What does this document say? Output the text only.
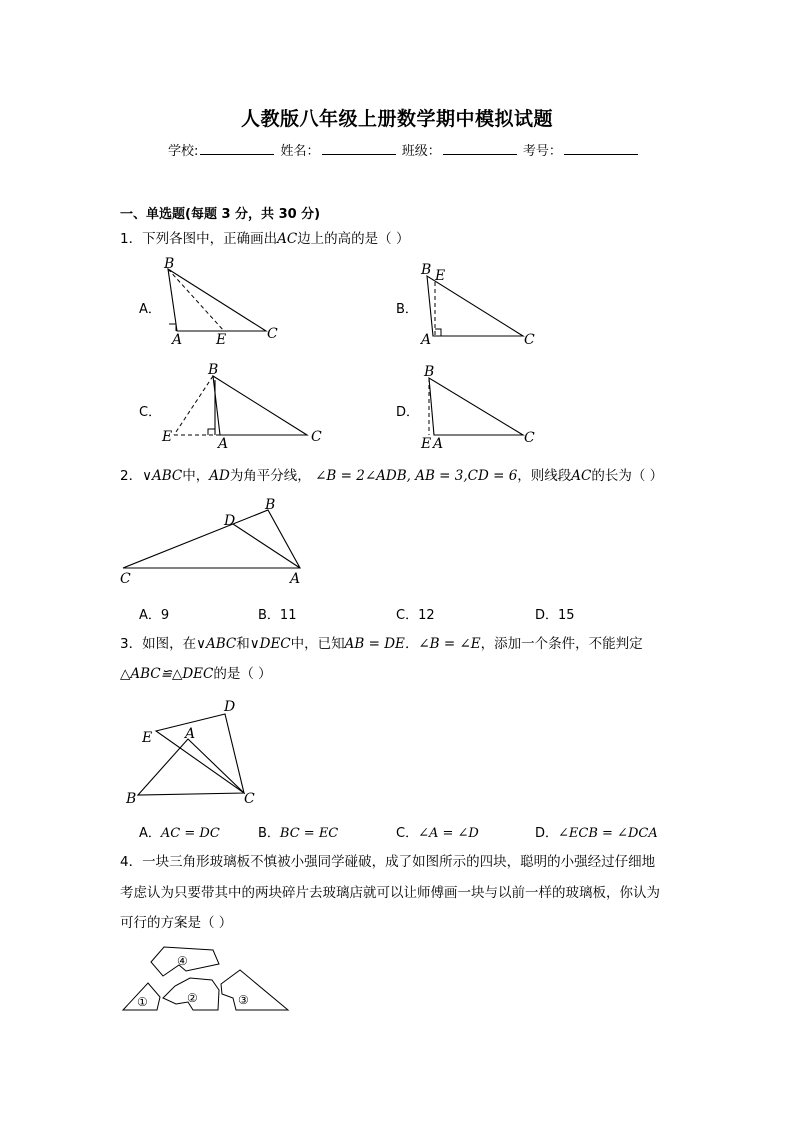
人教版八年级上册数学期中模拟试题
学校:	姓名：	班级：	考号：
一、单选题(每题 3 分，共 30 分)
1．下列各图中，正确画出AC边上的高的是（ ）
A．	B．
C．	D．
B
A E	C
B E
A	C
B
E	A	C
B
E A	C
2．∨ABC中，AD为角平分线， ∠B = 2∠ADB, AB = 3,CD = 6，则线段AC的长为（ ）
D
B
C	A
A．9	B．11	C．12	D．15
3．如图，在∨ABC和∨DEC中，已知AB = DE．∠B = ∠E，添加一个条件，不能判定
△ABC≌△DEC的是（ ）
D
E A
B	C
A．AC = DC	B．BC = EC	C．∠A = ∠D	D．∠ECB = ∠DCA
4．一块三角形玻璃板不慎被小强同学碰破，成了如图所示的四块，聪明的小强经过仔细地
考虑认为只要带其中的两块碎片去玻璃店就可以让师傅画一块与以前一样的玻璃板，你认为
可行的方案是（ ）
④
①	②	③
